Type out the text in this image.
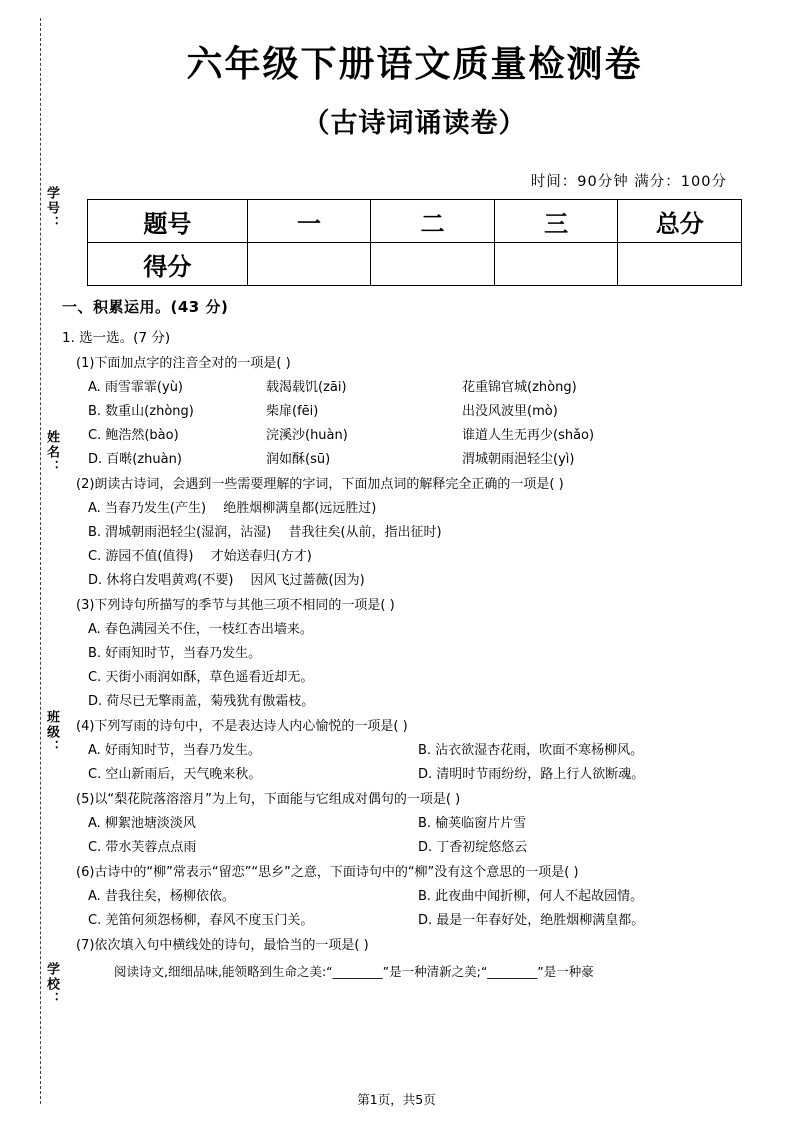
学号：
姓名：
班级：
学校：
六年级下册语文质量检测卷
（古诗词诵读卷）
时间：90分钟 满分：100分
题号	一	二	三	总分
得分				
一、积累运用。(43 分)
1. 选一选。(7 分)
(1)下面加点字的注音全对的一项是( )
A. 雨雪霏霏(yù)	载渴载饥(zāi)	花重锦官城(zhòng)
B. 数重山(zhòng)	柴扉(fēi)	出没风波里(mò)
C. 鲍浩然(bào)	浣溪沙(huàn)	谁道人生无再少(shǎo)
D. 百啭(zhuàn)	润如酥(sū)	渭城朝雨浥轻尘(yì)
(2)朗读古诗词，会遇到一些需要理解的字词，下面加点词的解释完全正确的一项是( )
A. 当春乃发生(产生)　 绝胜烟柳满皇都(远远胜过)
B. 渭城朝雨浥轻尘(湿润，沾湿)　 昔我往矣(从前，指出征时)
C. 游园不值(值得)　 才始送春归(方才)
D. 休将白发唱黄鸡(不要)　 因风飞过蔷薇(因为)
(3)下列诗句所描写的季节与其他三项不相同的一项是( )
A. 春色满园关不住，一枝红杏出墙来。
B. 好雨知时节，当春乃发生。
C. 天街小雨润如酥，草色遥看近却无。
D. 荷尽已无擎雨盖，菊残犹有傲霜枝。
(4)下列写雨的诗句中，不是表达诗人内心愉悦的一项是( )
A. 好雨知时节，当春乃发生。	B. 沾衣欲湿杏花雨，吹面不寒杨柳风。
C. 空山新雨后，天气晚来秋。	D. 清明时节雨纷纷，路上行人欲断魂。
(5)以“梨花院落溶溶月”为上句，下面能与它组成对偶句的一项是( )
A. 柳絮池塘淡淡风	B. 榆荚临窗片片雪
C. 带水芙蓉点点雨	D. 丁香初绽悠悠云
(6)古诗中的“柳”常表示“留恋”“思乡”之意，下面诗句中的“柳”没有这个意思的一项是( )
A. 昔我往矣，杨柳依依。	B. 此夜曲中闻折柳，何人不起故园情。
C. 羌笛何须怨杨柳，春风不度玉门关。	D. 最是一年春好处，绝胜烟柳满皇都。
(7)依次填入句中横线处的诗句，最恰当的一项是( )
阅读诗文,细细品味,能领略到生命之美:“________”是一种清新之美;“________”是一种豪
第1页，共5页
